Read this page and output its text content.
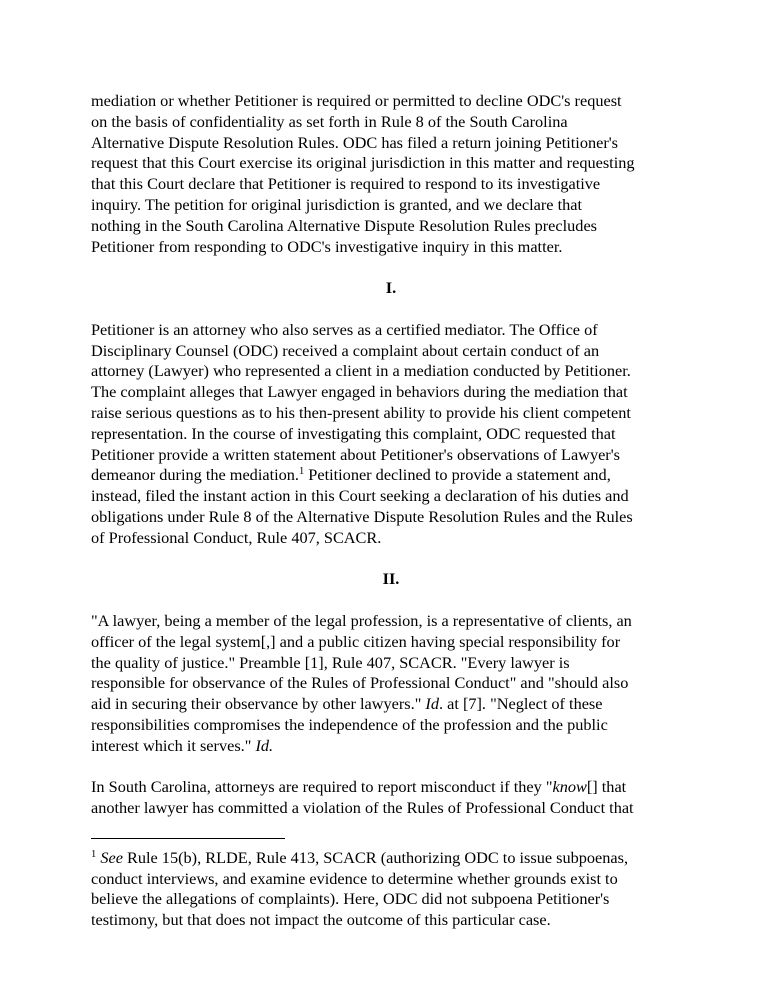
mediation or whether Petitioner is required or permitted to decline ODC's request
on the basis of confidentiality as set forth in Rule 8 of the South Carolina
Alternative Dispute Resolution Rules. ODC has filed a return joining Petitioner's
request that this Court exercise its original jurisdiction in this matter and requesting
that this Court declare that Petitioner is required to respond to its investigative
inquiry. The petition for original jurisdiction is granted, and we declare that
nothing in the South Carolina Alternative Dispute Resolution Rules precludes
Petitioner from responding to ODC's investigative inquiry in this matter.
I.
Petitioner is an attorney who also serves as a certified mediator. The Office of
Disciplinary Counsel (ODC) received a complaint about certain conduct of an
attorney (Lawyer) who represented a client in a mediation conducted by Petitioner.
The complaint alleges that Lawyer engaged in behaviors during the mediation that
raise serious questions as to his then-present ability to provide his client competent
representation. In the course of investigating this complaint, ODC requested that
Petitioner provide a written statement about Petitioner's observations of Lawyer's
demeanor during the mediation.$^1$ Petitioner declined to provide a statement and,
instead, filed the instant action in this Court seeking a declaration of his duties and
obligations under Rule 8 of the Alternative Dispute Resolution Rules and the Rules
of Professional Conduct, Rule 407, SCACR.
II.
"A lawyer, being a member of the legal profession, is a representative of clients, an
officer of the legal system[,] and a public citizen having special responsibility for
the quality of justice." Preamble [1], Rule 407, SCACR. "Every lawyer is
responsible for observance of the Rules of Professional Conduct" and "should also
aid in securing their observance by other lawyers." Id. at [7]. "Neglect of these
responsibilities compromises the independence of the profession and the public
interest which it serves." Id.
In South Carolina, attorneys are required to report misconduct if they "know[] that
another lawyer has committed a violation of the Rules of Professional Conduct that
$^1$ See Rule 15(b), RLDE, Rule 413, SCACR (authorizing ODC to issue subpoenas,
conduct interviews, and examine evidence to determine whether grounds exist to
believe the allegations of complaints). Here, ODC did not subpoena Petitioner's
testimony, but that does not impact the outcome of this particular case.
